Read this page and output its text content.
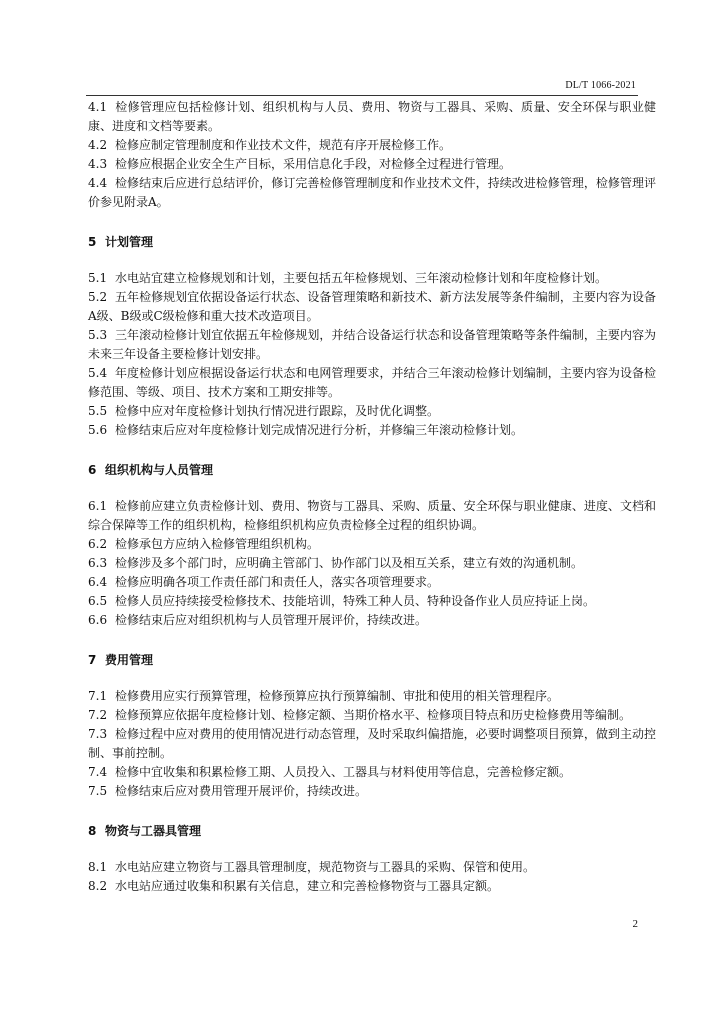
DL/T 1066-2021

4.1 检修管理应包括检修计划、组织机构与人员、费用、物资与工器具、采购、质量、安全环保与职业健康、进度和文档等要素。

4.2 检修应制定管理制度和作业技术文件，规范有序开展检修工作。

4.3 检修应根据企业安全生产目标，采用信息化手段，对检修全过程进行管理。

4.4 检修结束后应进行总结评价，修订完善检修管理制度和作业技术文件，持续改进检修管理，检修管理评价参见附录A。

5 计划管理

5.1 水电站宜建立检修规划和计划，主要包括五年检修规划、三年滚动检修计划和年度检修计划。

5.2 五年检修规划宜依据设备运行状态、设备管理策略和新技术、新方法发展等条件编制，主要内容为设备A级、B级或C级检修和重大技术改造项目。

5.3 三年滚动检修计划宜依据五年检修规划，并结合设备运行状态和设备管理策略等条件编制，主要内容为未来三年设备主要检修计划安排。

5.4 年度检修计划应根据设备运行状态和电网管理要求，并结合三年滚动检修计划编制，主要内容为设备检修范围、等级、项目、技术方案和工期安排等。

5.5 检修中应对年度检修计划执行情况进行跟踪，及时优化调整。

5.6 检修结束后应对年度检修计划完成情况进行分析，并修编三年滚动检修计划。

6 组织机构与人员管理

6.1 检修前应建立负责检修计划、费用、物资与工器具、采购、质量、安全环保与职业健康、进度、文档和综合保障等工作的组织机构，检修组织机构应负责检修全过程的组织协调。

6.2 检修承包方应纳入检修管理组织机构。

6.3 检修涉及多个部门时，应明确主管部门、协作部门以及相互关系，建立有效的沟通机制。

6.4 检修应明确各项工作责任部门和责任人，落实各项管理要求。

6.5 检修人员应持续接受检修技术、技能培训，特殊工种人员、特种设备作业人员应持证上岗。

6.6 检修结束后应对组织机构与人员管理开展评价，持续改进。

7 费用管理

7.1 检修费用应实行预算管理，检修预算应执行预算编制、审批和使用的相关管理程序。

7.2 检修预算应依据年度检修计划、检修定额、当期价格水平、检修项目特点和历史检修费用等编制。

7.3 检修过程中应对费用的使用情况进行动态管理，及时采取纠偏措施，必要时调整项目预算，做到主动控制、事前控制。

7.4 检修中宜收集和积累检修工期、人员投入、工器具与材料使用等信息，完善检修定额。

7.5 检修结束后应对费用管理开展评价，持续改进。

8 物资与工器具管理

8.1 水电站应建立物资与工器具管理制度，规范物资与工器具的采购、保管和使用。

8.2 水电站应通过收集和积累有关信息，建立和完善检修物资与工器具定额。

2
